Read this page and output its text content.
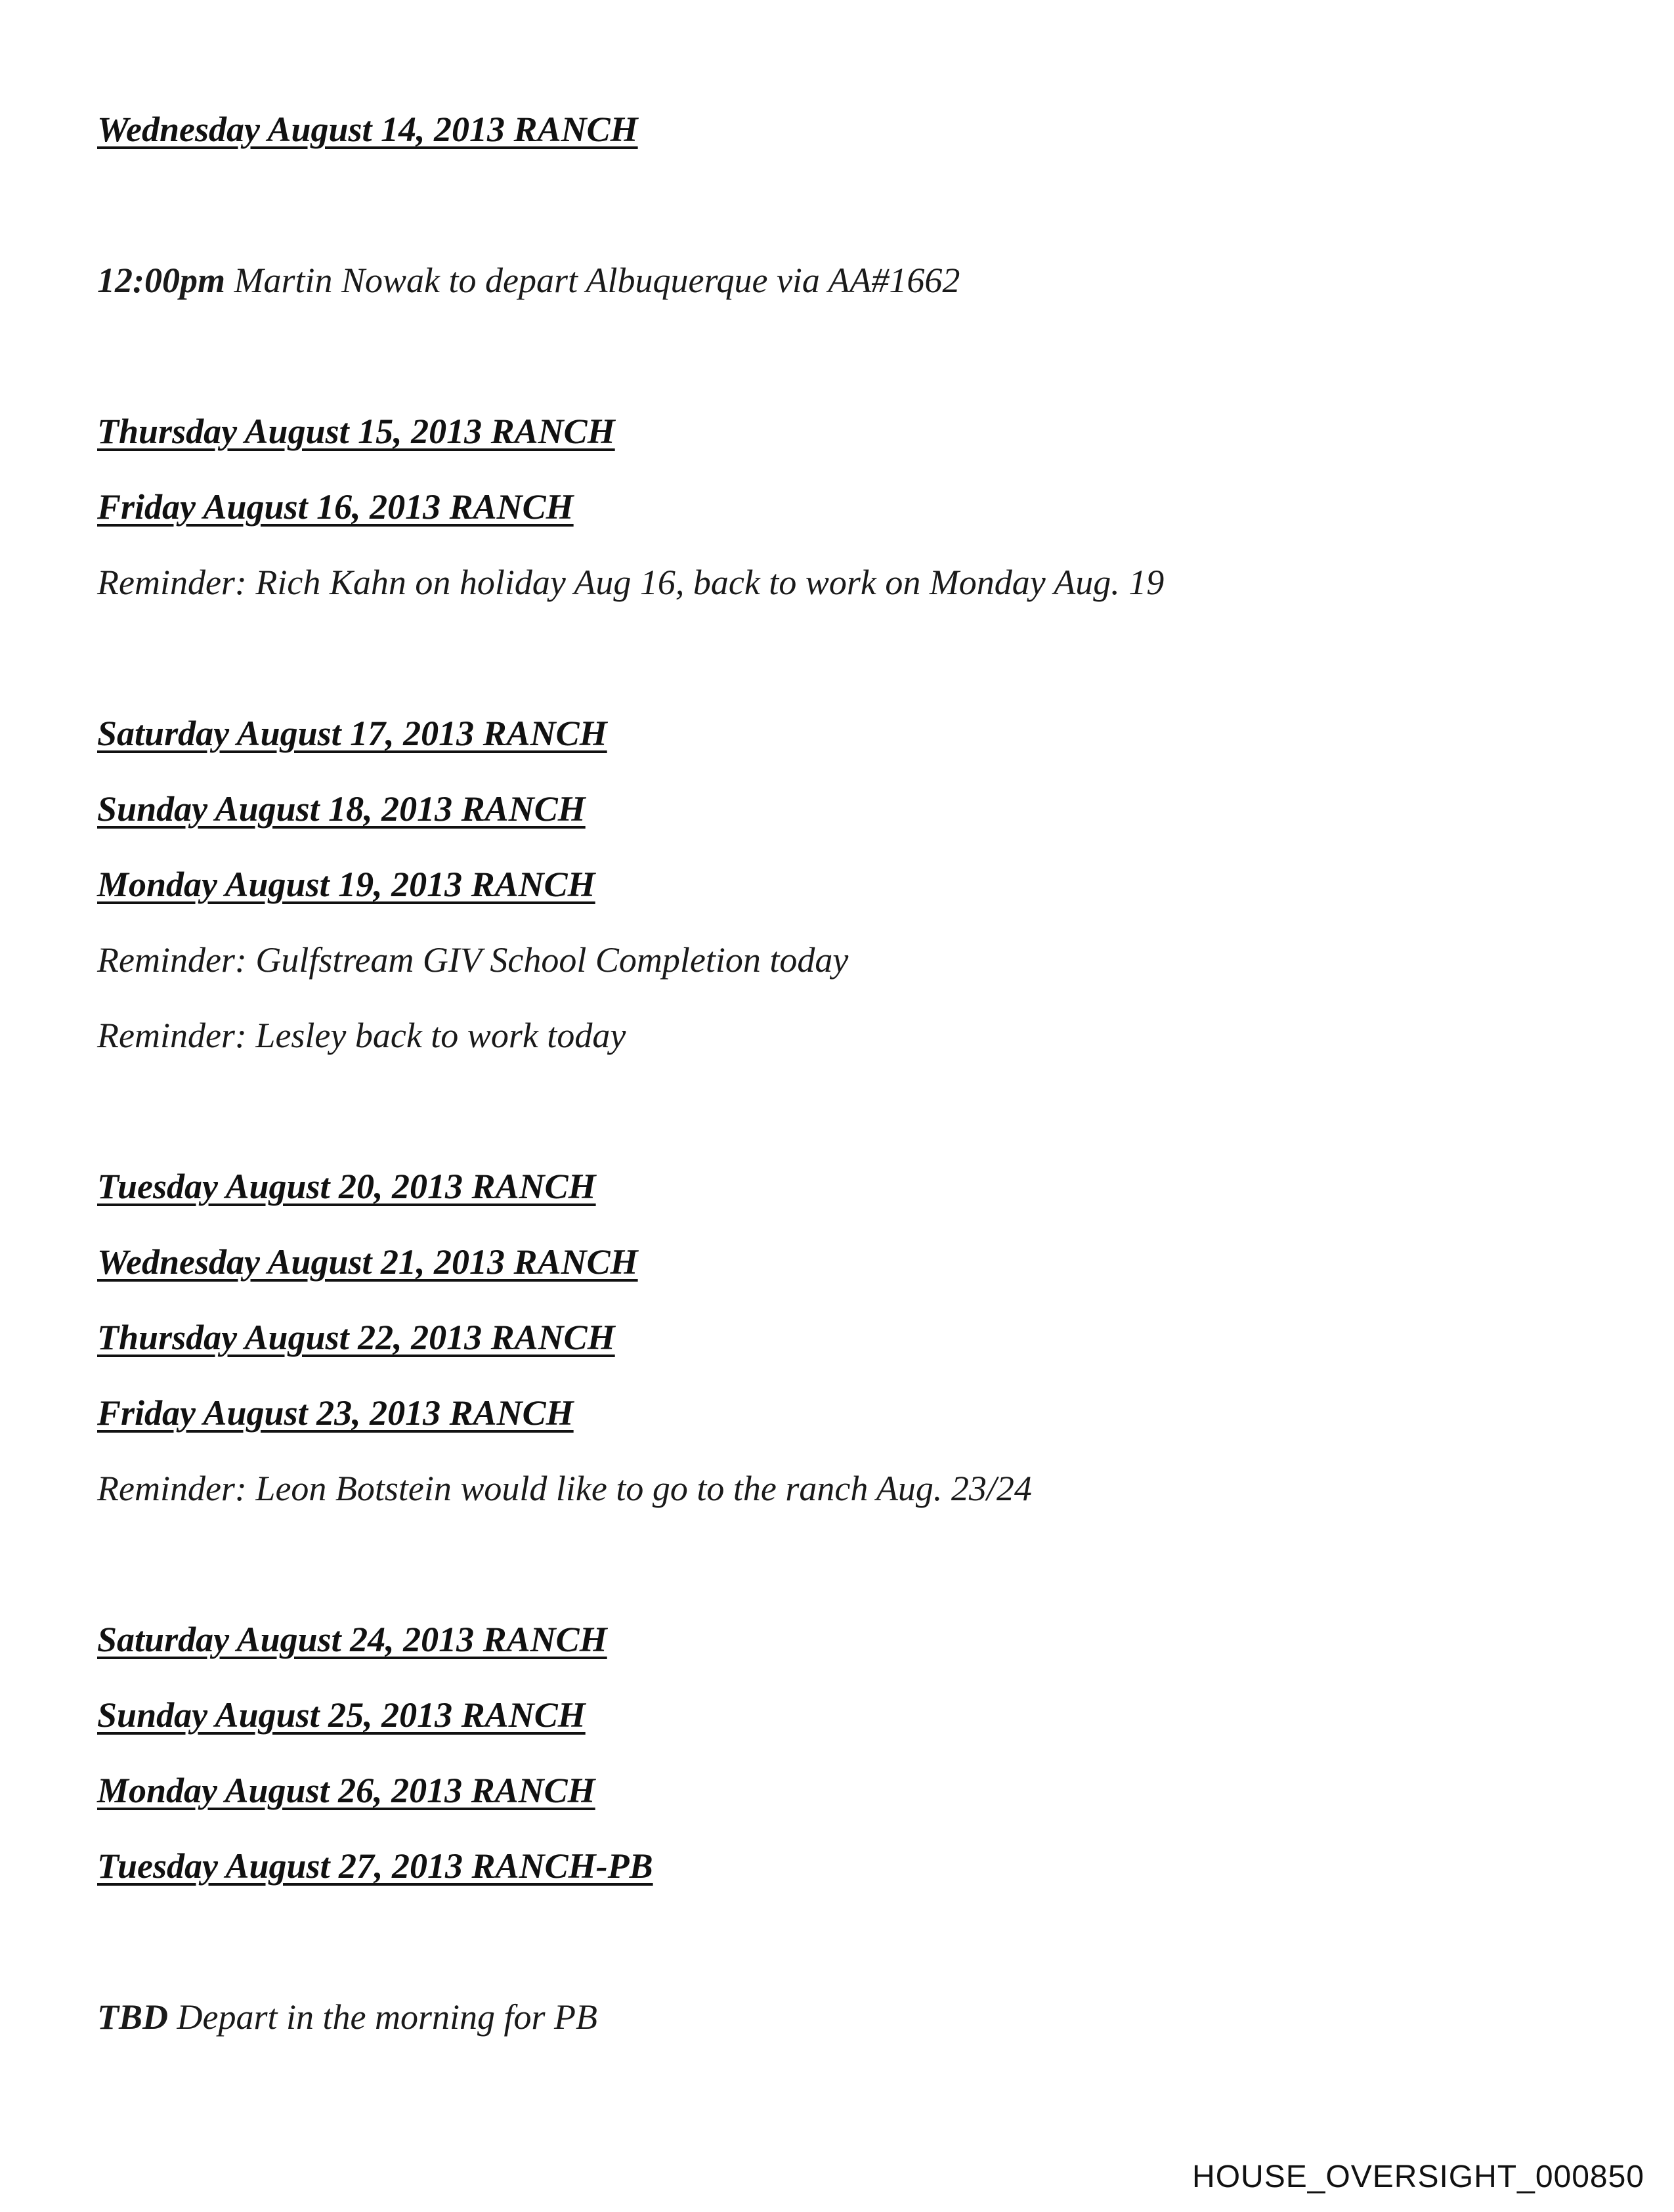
Wednesday August 14, 2013 RANCH
12:00pm Martin Nowak to depart Albuquerque via AA#1662
Thursday August 15, 2013 RANCH
Friday August 16, 2013 RANCH
Reminder: Rich Kahn on holiday Aug 16, back to work on Monday Aug. 19
Saturday August 17, 2013 RANCH
Sunday August 18, 2013 RANCH
Monday August 19, 2013 RANCH
Reminder: Gulfstream GIV School Completion today
Reminder: Lesley back to work today
Tuesday August 20, 2013 RANCH
Wednesday August 21, 2013 RANCH
Thursday August 22, 2013 RANCH
Friday August 23, 2013 RANCH
Reminder: Leon Botstein would like to go to the ranch Aug. 23/24
Saturday August 24, 2013 RANCH
Sunday August 25, 2013 RANCH
Monday August 26, 2013 RANCH
Tuesday August 27, 2013 RANCH-PB
TBD Depart in the morning for PB
HOUSE_OVERSIGHT_000850
